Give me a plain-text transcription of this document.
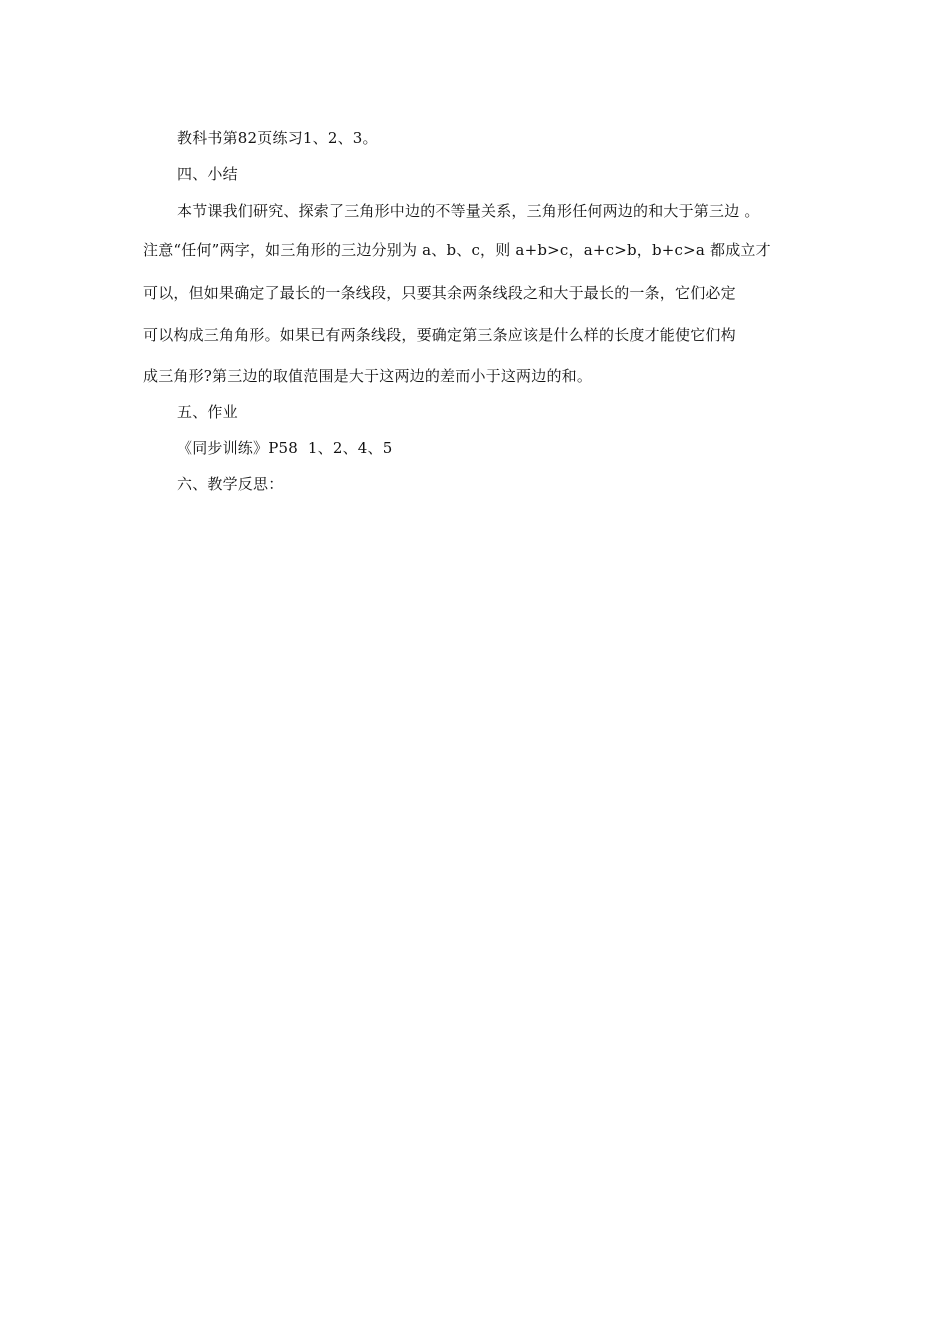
教科书第82页练习1、2、3。
四、小结
本节课我们研究、探索了三角形中边的不等量关系，三角形任何两边的和大于第三边 。
注意“任何”两字，如三角形的三边分别为 a、b、c，则 a+b>c，a+c>b，b+c>a 都成立才
可以，但如果确定了最长的一条线段，只要其余两条线段之和大于最长的一条，它们必定
可以构成三角角形。如果已有两条线段，要确定第三条应该是什么样的长度才能使它们构
成三角形?第三边的取值范围是大于这两边的差而小于这两边的和。
五、作业
《同步训练》P58  1、2、4、5
六、教学反思：
